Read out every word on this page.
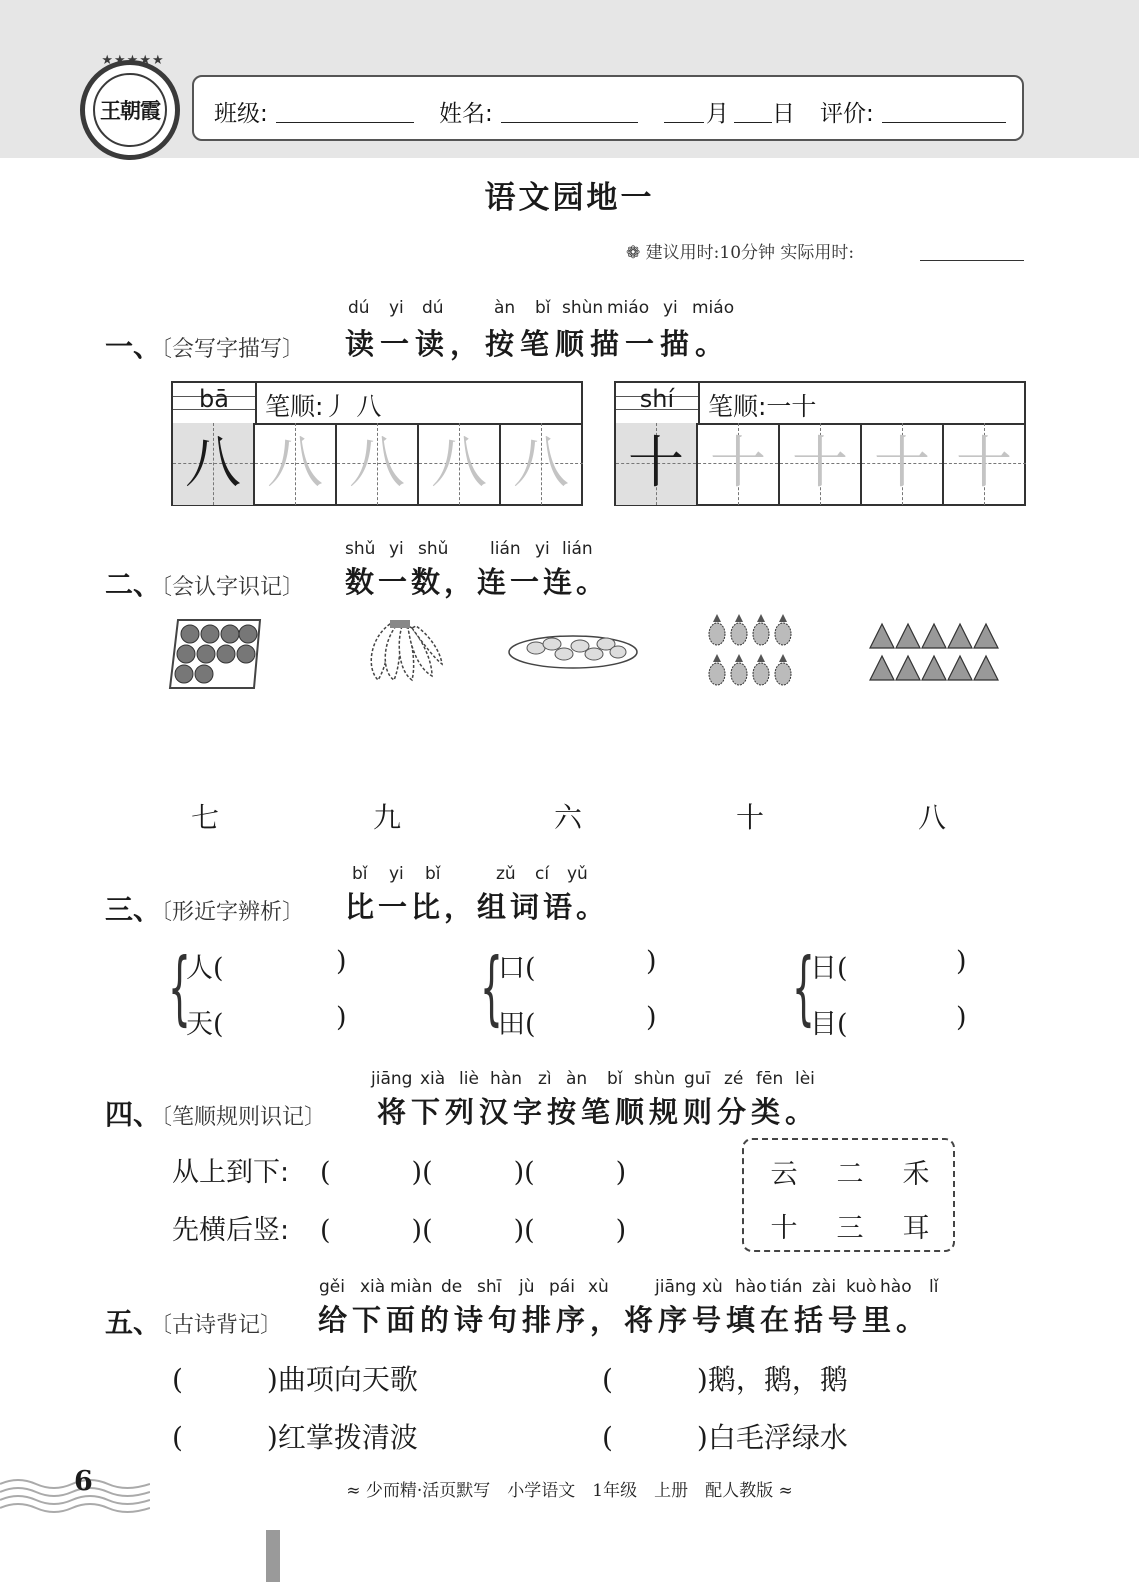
★★★★★
王朝霞 班级:	姓名:	月 日 评价:
语文园地一
❁ 建议用时:10分钟 实际用时:
dú yi dú	àn bǐ shùn miáo yi miáo
一、〔会写字描写〕 读一读，按笔顺描一描。
bā	笔顺:丿 八
八 八 八 八 八
shí	笔顺:一十
十 十 十 十 十
shǔ yi shǔ lián yi lián
二、〔会认字识记〕 数一数，连一连。
七	九	六	十	八
bǐ yi bǐ	zǔ cí yǔ
三、〔形近字辨析〕 比一比，组词语。
{
人(	)
天(	) {
口(	)
田(	) {
日(	)
目(	)
jiāng xià liè hàn zì àn bǐ shùn guī zé fēn lèi
四、〔笔顺规则识记〕 将下列汉字按笔顺规则分类。
从上到下: (　　　)(　　　)(　　　)
先横后竖: (　　　)(　　　)(　　　)
云 二 禾
十 三 耳
gěi xià miàn de shī jù pái xù	jiāng xù hào tián zài kuò hào lǐ
五、〔古诗背记〕 给下面的诗句排序，将序号填在括号里。
(　　　)曲项向天歌	(　　　)鹅，鹅，鹅
(　　　)红掌拨清波	(　　　)白毛浮绿水
6	≈ 少而精·活页默写　小学语文　1年级　上册　配人教版 ≈
